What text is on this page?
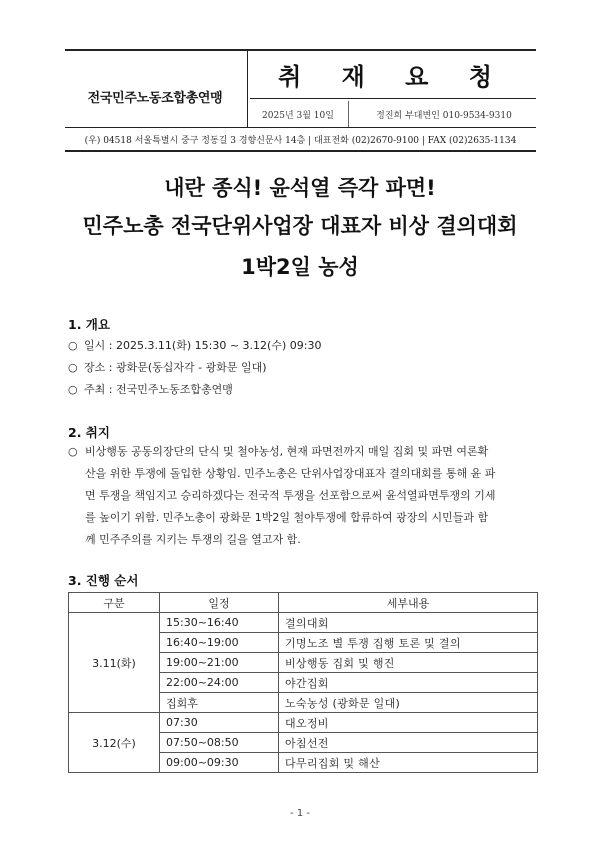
전국민주노동조합총연맹
취 재 요 청
2025년 3월 10일	정진희 부대변인 010-9534-9310
(우) 04518 서울특별시 중구 정동길 3 경향신문사 14층 | 대표전화 (02)2670-9100 | FAX (02)2635-1134
내란 종식! 윤석열 즉각 파면!
민주노총 전국단위사업장 대표자 비상 결의대회
1박2일 농성
1. 개요
○ 일시 : 2025.3.11(화) 15:30 ~ 3.12(수) 09:30
○ 장소 : 광화문(동십자각 - 광화문 일대)
○ 주최 : 전국민주노동조합총연맹
2. 취지
○ 비상행동 공동의장단의 단식 및 철야농성, 현재 파면전까지 매일 집회 및 파면 여론확
산을 위한 투쟁에 돌입한 상황임. 민주노총은 단위사업장대표자 결의대회를 통해 윤 파
면 투쟁을 책임지고 승리하겠다는 전국적 투쟁을 선포함으로써 윤석열파면투쟁의 기세
를 높이기 위함. 민주노총이 광화문 1박2일 철야투쟁에 합류하여 광장의 시민들과 함
께 민주주의를 지키는 투쟁의 길을 열고자 함.
3. 진행 순서
구분	일정	세부내용
3.11(화)	15:30~16:40	결의대회
	16:40~19:00	기명노조 별 투쟁 집행 토론 및 결의
	19:00~21:00	비상행동 집회 및 행진
	22:00~24:00	야간집회
	집회후	노숙농성 (광화문 일대)
3.12(수)	07:30	대오정비
	07:50~08:50	아침선전
	09:00~09:30	다무리집회 및 해산
- 1 -
